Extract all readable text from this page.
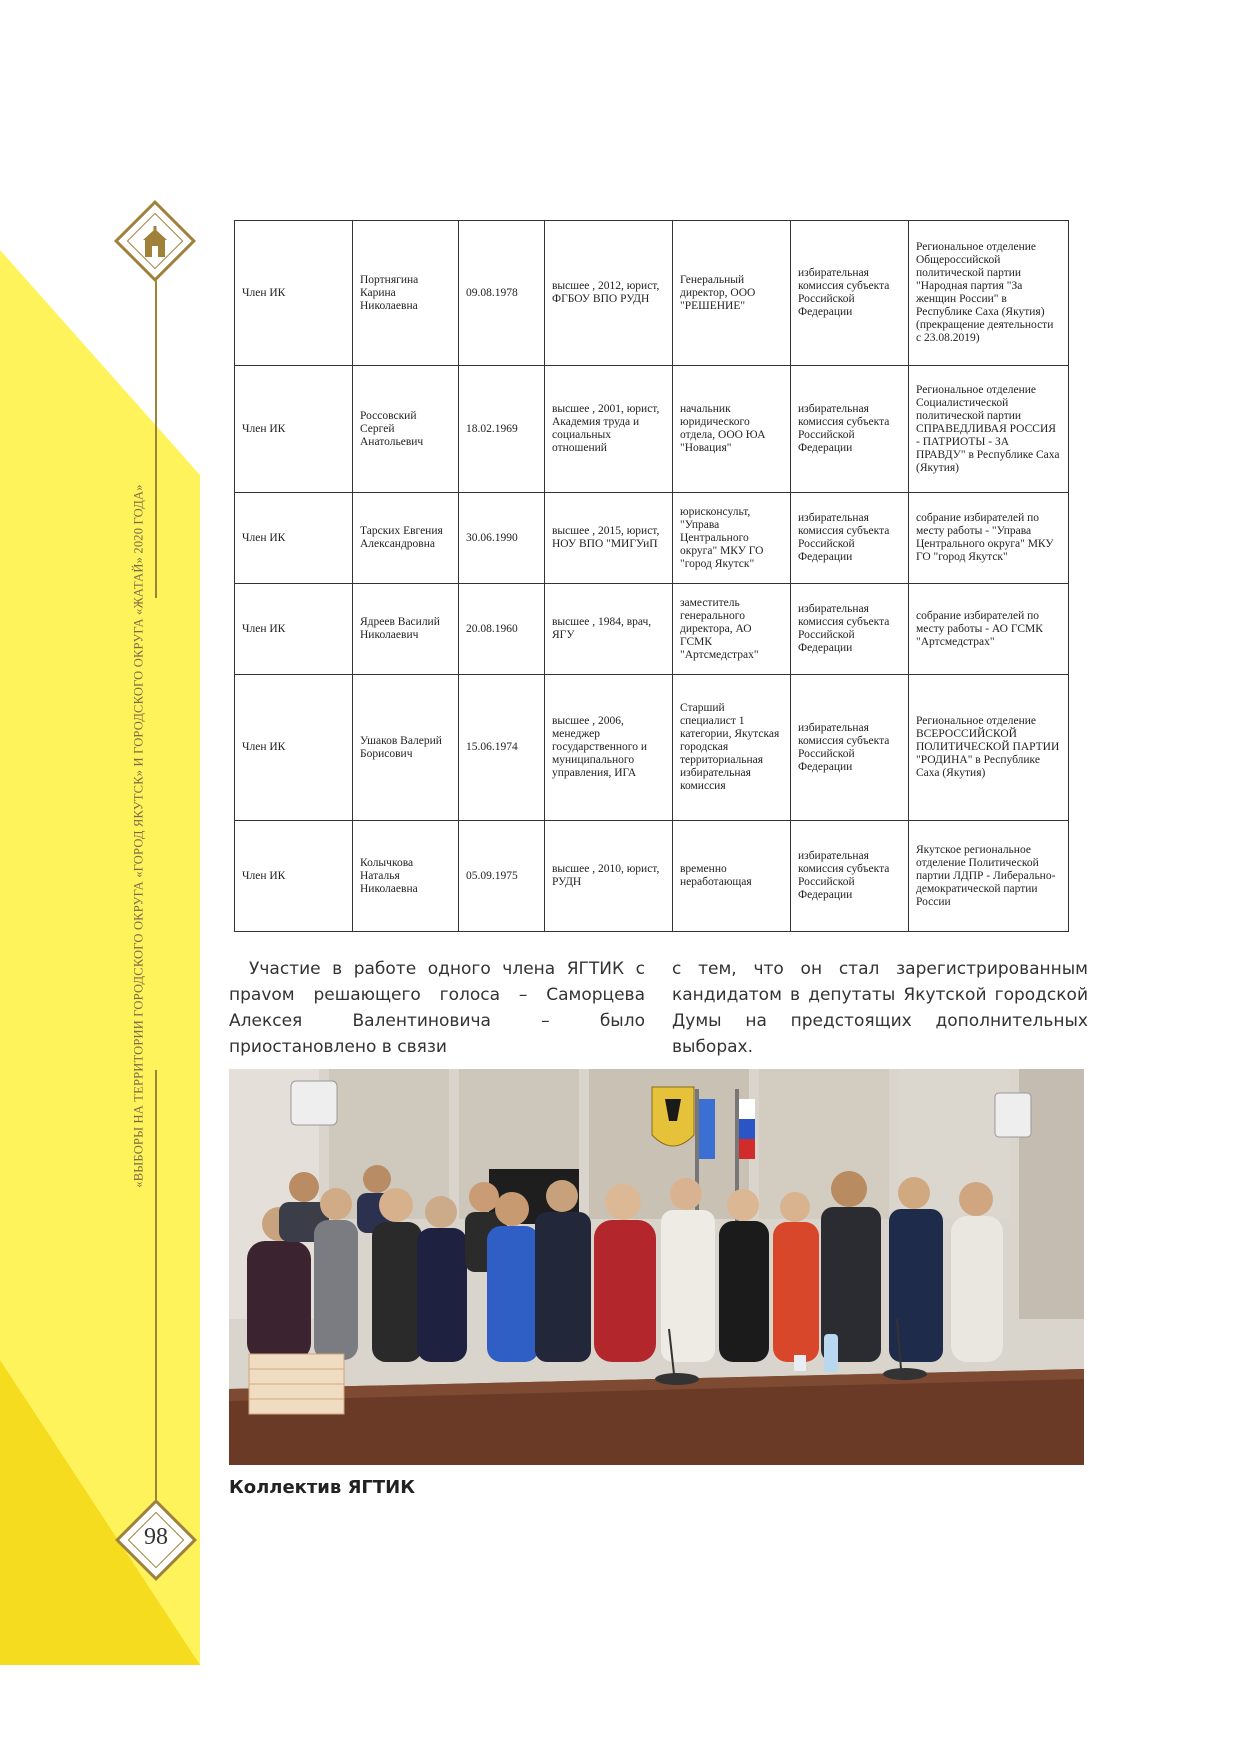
98
«ВЫБОРЫ НА ТЕРРИТОРИИ ГОРОДСКОГО ОКРУГА «ГОРОД ЯКУТСК» И ГОРОДСКОГО ОКРУГА «ЖАТАЙ» 2020 ГОДА»
Член ИК	Портнягина Карина Николаевна	09.08.1978	высшее , 2012, юрист, ФГБОУ ВПО РУДН	Генеральный директор, ООО "РЕШЕНИЕ"	избирательная комиссия субъекта Российской Федерации	Региональное отделение Общероссийской политической партии "Народная партия "За женщин России" в Республике Саха (Якутия) (прекращение деятельности с 23.08.2019)

Член ИК	Россовский Сергей Анатольевич	18.02.1969	высшее , 2001, юрист, Академия труда и социальных отношений	начальник юридического отдела, ООО ЮА "Новация"	избирательная комиссия субъекта Российской Федерации	Региональное отделение Социалистической политической партии СПРАВЕДЛИВАЯ РОССИЯ - ПАТРИОТЫ - ЗА ПРАВДУ" в Республике Саха (Якутия)

Член ИК	Тарских Евгения Александровна	30.06.1990	высшее , 2015, юрист, НОУ ВПО "МИГУиП	юрисконсульт, "Управа Центрального округа" МКУ ГО "город Якутск"	избирательная комиссия субъекта Российской Федерации	собрание избирателей по месту работы - "Управа Центрального округа" МКУ ГО "город Якутск"

Член ИК	Ядреев Василий Николаевич	20.08.1960	высшее , 1984, врач, ЯГУ	заместитель генерального директора, АО ГСМК "Артсмедстрах"	избирательная комиссия субъекта Российской Федерации	собрание избирателей по месту работы - АО ГСМК "Артсмедстрах"

Член ИК	Ушаков Валерий Борисович	15.06.1974	высшее , 2006, менеджер государственного и муниципального управления, ИГА	Старший специалист 1 категории, Якутская городская территориальная избирательная комиссия	избирательная комиссия субъекта Российской Федерации	Региональное отделение ВСЕРОССИЙСКОЙ ПОЛИТИЧЕСКОЙ ПАРТИИ "РОДИНА" в Республике Саха (Якутия)

Член ИК	Колычкова Наталья Николаевна	05.09.1975	высшее , 2010, юрист, РУДН	временно неработающая	избирательная комиссия субъекта Российской Федерации	Якутское региональное отделение Политической партии ЛДПР - Либерально-демократической партии России

Участие в работе одного члена ЯГТИК с праvом решающего голоса – Саморцева Алексея Валентиновича – было приостановлено в связи

с тем, что он стал зарегистрированным кандидатом в депутаты Якутской городской Думы на предстоящих дополнительных выборах.

Коллектив ЯГТИК
